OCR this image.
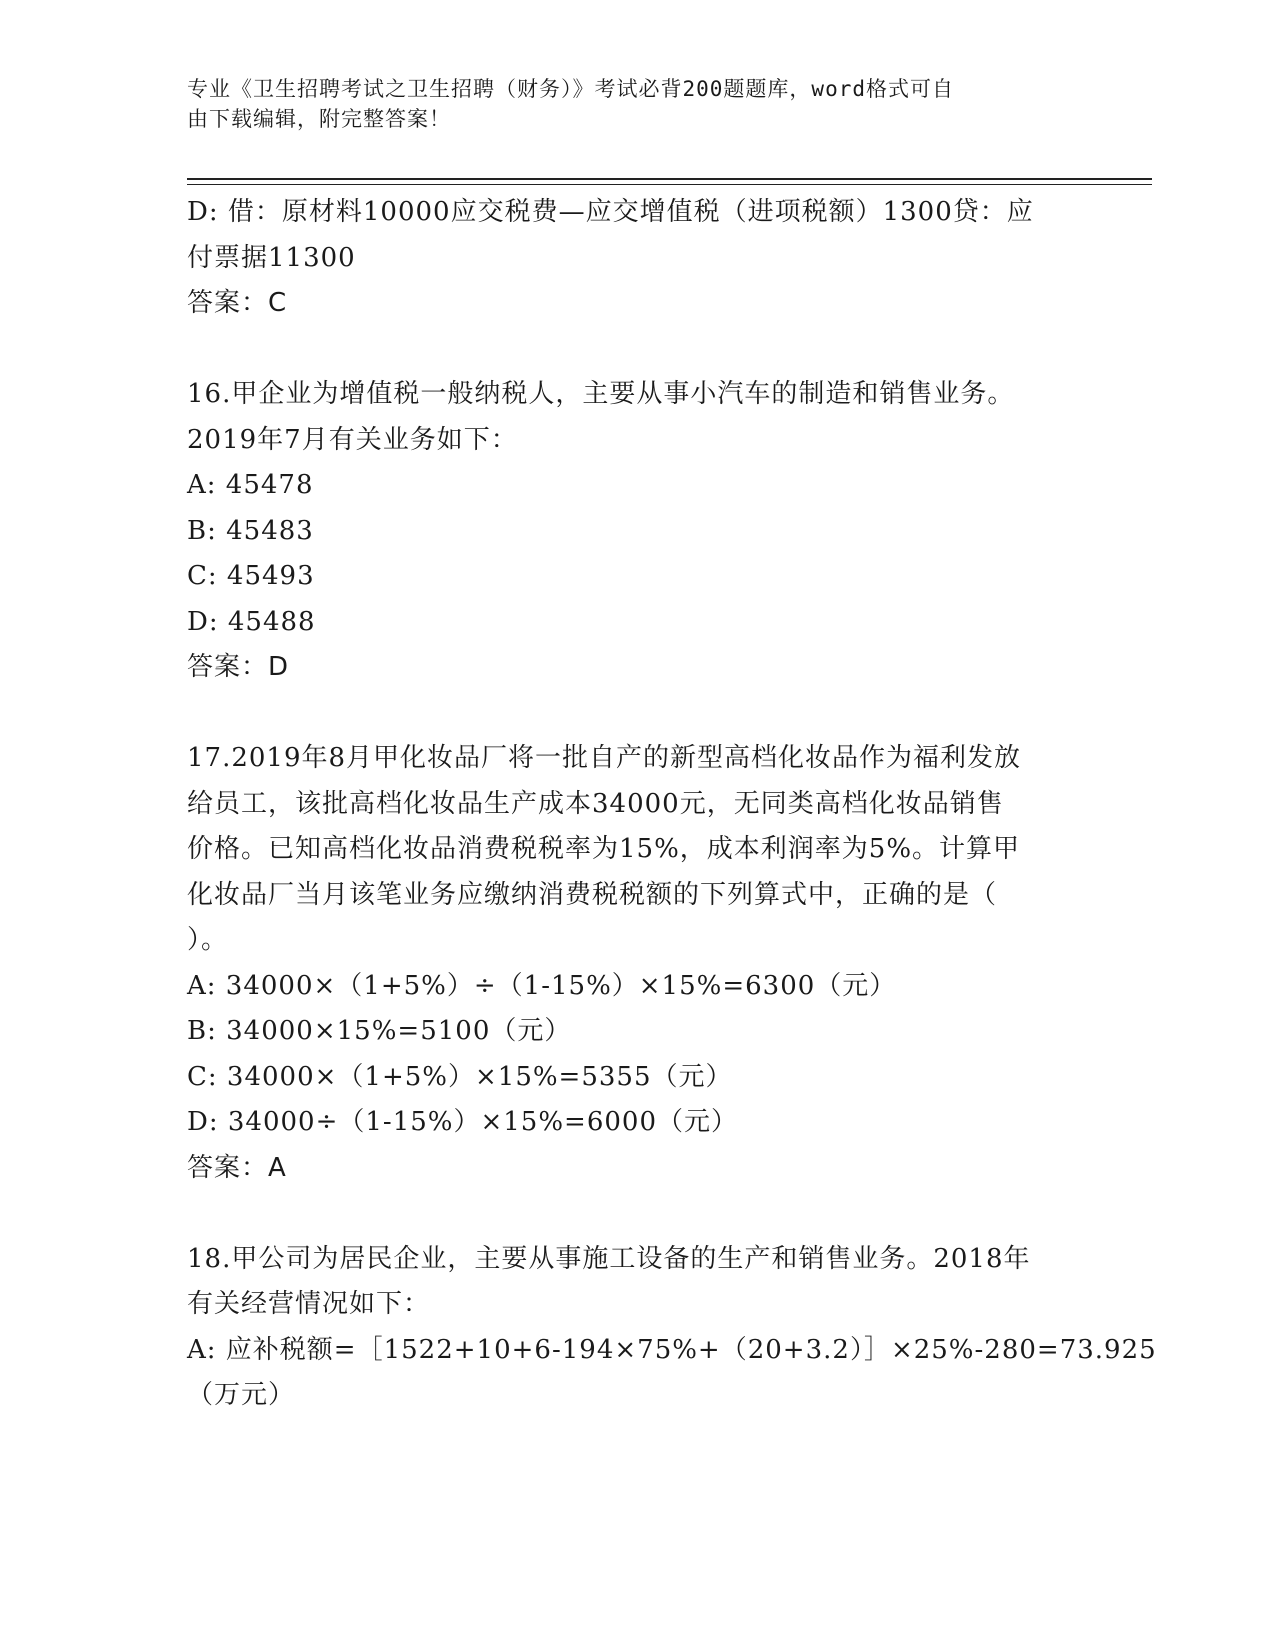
专业《卫生招聘考试之卫生招聘（财务）》考试必背200题题库，word格式可自
由下载编辑，附完整答案！
D: 借：原材料10000应交税费—应交增值税（进项税额）1300贷：应
付票据11300
答案：C
16.甲企业为增值税一般纳税人，主要从事小汽车的制造和销售业务。
2019年7月有关业务如下：
A: 45478
B: 45483
C: 45493
D: 45488
答案：D
17.2019年8月甲化妆品厂将一批自产的新型高档化妆品作为福利发放
给员工，该批高档化妆品生产成本34000元，无同类高档化妆品销售
价格。已知高档化妆品消费税税率为15%，成本利润率为5%。计算甲
化妆品厂当月该笔业务应缴纳消费税税额的下列算式中，正确的是（
）。
A: 34000×（1+5%）÷（1-15%）×15%=6300（元）
B: 34000×15%=5100（元）
C: 34000×（1+5%）×15%=5355（元）
D: 34000÷（1-15%）×15%=6000（元）
答案：A
18.甲公司为居民企业，主要从事施工设备的生产和销售业务。2018年
有关经营情况如下：
A: 应补税额=［1522+10+6-194×75%+（20+3.2）］×25%-280=73.925
（万元）
